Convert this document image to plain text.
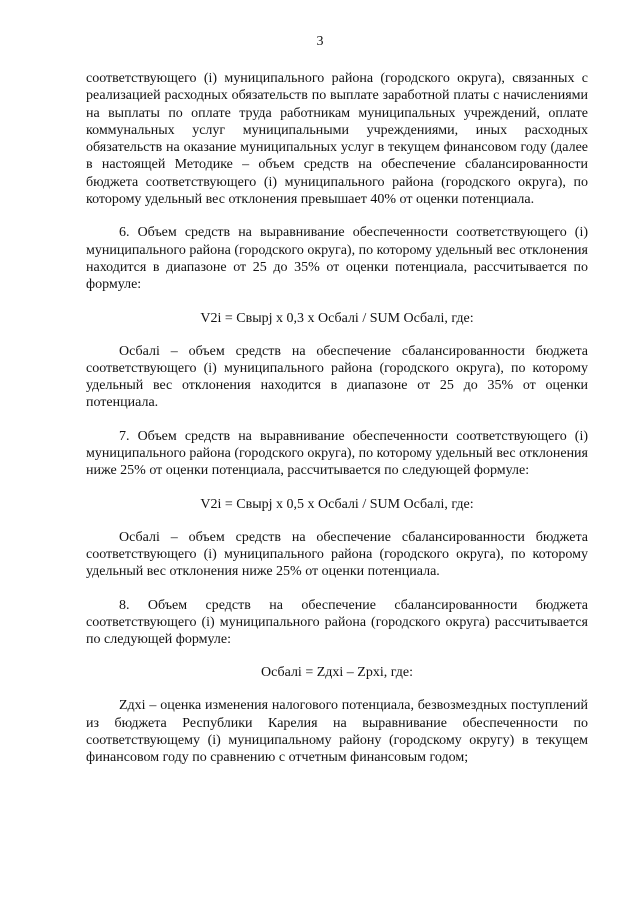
3

соответствующего (i) муниципального района (городского округа), связанных с реализацией расходных обязательств по выплате заработной платы с начислениями на выплаты по оплате труда работникам муниципальных учреждений, оплате коммунальных услуг муниципальными учреждениями, иных расходных обязательств на оказание муниципальных услуг в текущем финансовом году (далее в настоящей Методике – объем средств на обеспечение сбалансированности бюджета соответствующего (i) муниципального района (городского округа), по которому удельный вес отклонения превышает 40% от оценки потенциала.

6. Объем средств на выравнивание обеспеченности соответствующего (i) муниципального района (городского округа), по которому удельный вес отклонения находится в диапазоне от 25 до 35% от оценки потенциала, рассчитывается по формуле:

V2i = Свырј x 0,3 x Осбалі / SUM Осбалі, где:

Осбалі – объем средств на обеспечение сбалансированности бюджета соответствующего (i) муниципального района (городского округа), по которому удельный вес отклонения находится в диапазоне от 25 до 35% от оценки потенциала.

7. Объем средств на выравнивание обеспеченности соответствующего (i) муниципального района (городского округа), по которому удельный вес отклонения ниже 25% от оценки потенциала, рассчитывается по следующей формуле:

V2i = Свырј x 0,5 x Осбалі / SUM Осбалі, где:

Осбалі – объем средств на обеспечение сбалансированности бюджета соответствующего (i) муниципального района (городского округа), по которому удельный вес отклонения ниже 25% от оценки потенциала.

8. Объем средств на обеспечение сбалансированности бюджета соответствующего (i) муниципального района (городского округа) рассчитывается по следующей формуле:

Осбалі = Zдхі – Zрхі, где:

Zдхі – оценка изменения налогового потенциала, безвозмездных поступлений из бюджета Республики Карелия на выравнивание обеспеченности по соответствующему (i) муниципальному району (городскому округу) в текущем финансовом году по сравнению с отчетным финансовым годом;
